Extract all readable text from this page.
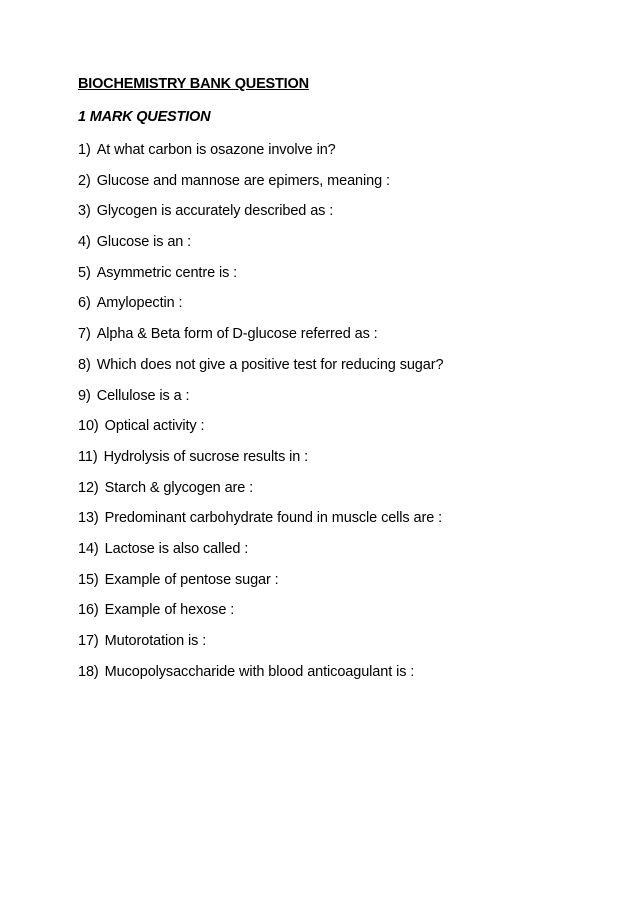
BIOCHEMISTRY BANK QUESTION
1 MARK QUESTION
1) At what carbon is osazone involve in?
2) Glucose and mannose are epimers, meaning :
3) Glycogen is accurately described as :
4) Glucose is an :
5) Asymmetric centre is :
6) Amylopectin :
7) Alpha & Beta form of D-glucose referred as :
8) Which does not give a positive test for reducing sugar?
9) Cellulose is a :
10) Optical activity :
11) Hydrolysis of sucrose results in :
12) Starch & glycogen are :
13) Predominant carbohydrate found in muscle cells are :
14) Lactose is also called :
15) Example of pentose sugar :
16) Example of hexose :
17) Mutorotation is :
18) Mucopolysaccharide with blood anticoagulant is :
